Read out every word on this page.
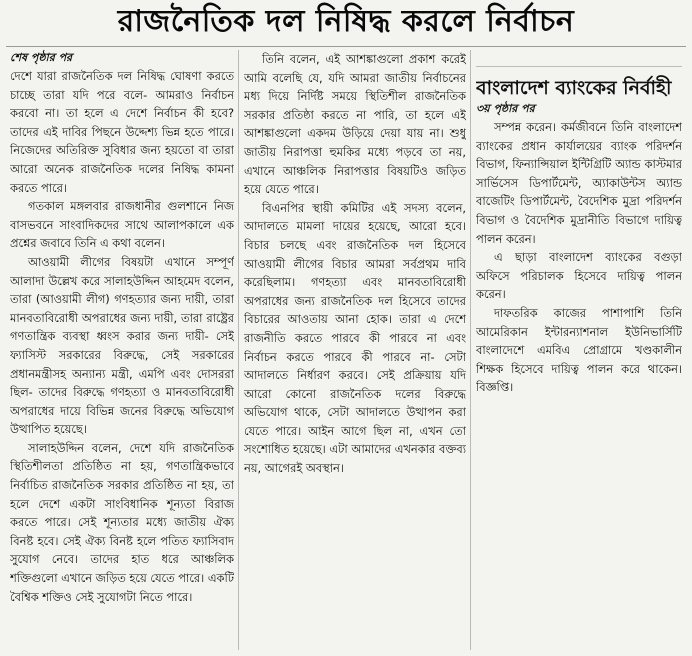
রাজনৈতিক দল নিষিদ্ধ করলে নির্বাচন
শেষ পৃষ্ঠার পর

দেশে যারা রাজনৈতিক দল নিষিদ্ধ ঘোষণা করতে চাচ্ছে তারা যদি পরে বলে- আমরাও নির্বাচন করবো না। তা হলে এ দেশে নির্বাচন কী হবে? তাদের এই দাবির পিছনে উদ্দেশ্য ভিন্ন হতে পারে। নিজেদের অতিরিক্ত সুবিধার জন্য হয়তো বা তারা আরো অনেক রাজনৈতিক দলের নিষিদ্ধ কামনা করতে পারে।

গতকাল মঙ্গলবার রাজধানীর গুলশানে নিজ বাসভবনে সাংবাদিকদের সাথে আলাপকালে এক প্রশ্নের জবাবে তিনি এ কথা বলেন।

আওয়ামী লীগের বিষয়টা এখানে সম্পূর্ণ আলাদা উল্লেখ করে সালাহউদ্দিন আহমেদ বলেন, তারা (আওয়ামী লীগ) গণহত্যার জন্য দায়ী, তারা মানবতাবিরোধী অপরাধের জন্য দায়ী, তারা রাষ্ট্রের গণতান্ত্রিক ব্যবস্থা ধ্বংস করার জন্য দায়ী- সেই ফ্যাসিস্ট সরকারের বিরুদ্ধে, সেই সরকারের প্রধানমন্ত্রীসহ অন্যান্য মন্ত্রী, এমপি এবং দোসররা ছিল- তাদের বিরুদ্ধে গণহত্যা ও মানবতাবিরোধী অপরাধের দায়ে বিভিন্ন জনের বিরুদ্ধে অভিযোগ উত্থাপিত হয়েছে।

সালাহউদ্দিন বলেন, দেশে যদি রাজনৈতিক স্থিতিশীলতা প্রতিষ্ঠিত না হয়, গণতান্ত্রিকভাবে নির্বাচিত রাজনৈতিক সরকার প্রতিষ্ঠিত না হয়, তা হলে দেশে একটা সাংবিধানিক শূন্যতা বিরাজ করতে পারে। সেই শূন্যতার মধ্যে জাতীয় ঐক্য বিনষ্ট হবে। সেই ঐক্য বিনষ্ট হলে পতিত ফ্যাসিবাদ সুযোগ নেবে। তাদের হাত ধরে আঞ্চলিক শক্তিগুলো এখানে জড়িত হয়ে যেতে পারে। একটি বৈশ্বিক শক্তিও সেই সুযোগটা নিতে পারে।

তিনি বলেন, এই আশঙ্কাগুলো প্রকাশ করেই আমি বলেছি যে, যদি আমরা জাতীয় নির্বাচনের মধ্য দিয়ে নির্দিষ্ট সময়ে স্থিতিশীল রাজনৈতিক সরকার প্রতিষ্ঠা করতে না পারি, তা হলে এই আশঙ্কাগুলো একদম উড়িয়ে দেয়া যায় না। শুধু জাতীয় নিরাপত্তা হুমকির মধ্যে পড়বে তা নয়, এখানে আঞ্চলিক নিরাপত্তার বিষয়টিও জড়িত হয়ে যেতে পারে।

বিএনপির স্থায়ী কমিটির এই সদস্য বলেন, আদালতে মামলা দায়ের হয়েছে, আরো হবে। বিচার চলছে এবং রাজনৈতিক দল হিসেবে আওয়ামী লীগের বিচার আমরা সর্বপ্রথম দাবি করেছিলাম। গণহত্যা এবং মানবতাবিরোধী অপরাধের জন্য রাজনৈতিক দল হিসেবে তাদের বিচারের আওতায় আনা হোক। তারা এ দেশে রাজনীতি করতে পারবে কী পারবে না এবং নির্বাচন করতে পারবে কী পারবে না- সেটা আদালতে নির্ধারণ করবে। সেই প্রক্রিয়ায় যদি আরো কোনো রাজনৈতিক দলের বিরুদ্ধে অভিযোগ থাকে, সেটা আদালতে উত্থাপন করা যেতে পারে। আইন আগে ছিল না, এখন তো সংশোধিত হয়েছে। এটা আমাদের এখনকার বক্তব্য নয়, আগেরই অবস্থান।

বাংলাদেশ ব্যাংকের নির্বাহী
৩য় পৃষ্ঠার পর

সম্পন্ন করেন। কর্মজীবনে তিনি বাংলাদেশ ব্যাংকের প্রধান কার্যালয়ের ব্যাংক পরিদর্শন বিভাগ, ফিন্যান্সিয়াল ইন্টিগ্রিটি অ্যান্ড কাস্টমার সার্ভিসেস ডিপার্টমেন্ট, অ্যাকাউন্টস অ্যান্ড বাজেটিং ডিপার্টমেন্ট, বৈদেশিক মুদ্রা পরিদর্শন বিভাগ ও বৈদেশিক মুদ্রানীতি বিভাগে দায়িত্ব পালন করেন।

এ ছাড়া বাংলাদেশ ব্যাংকের বগুড়া অফিসে পরিচালক হিসেবে দায়িত্ব পালন করেন।

দাফতরিক কাজের পাশাপাশি তিনি আমেরিকান ইন্টারন্যাশনাল ইউনিভার্সিটি বাংলাদেশে এমবিএ প্রোগ্রামে খণ্ডকালীন শিক্ষক হিসেবে দায়িত্ব পালন করে থাকেন। বিজ্ঞপ্তি।
